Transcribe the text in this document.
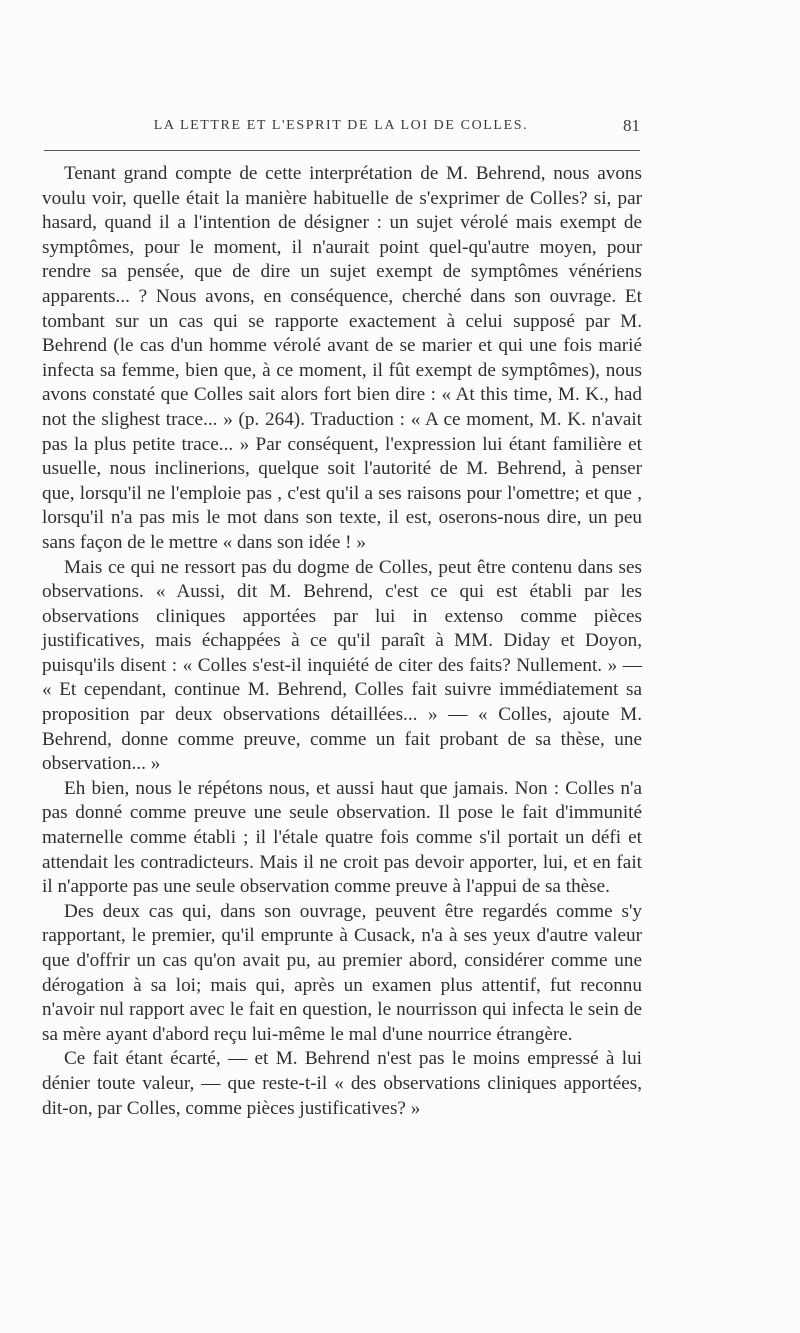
LA LETTRE ET L'ESPRIT DE LA LOI DE COLLES.	81

Tenant grand compte de cette interprétation de M. Behrend, nous avons voulu voir, quelle était la manière habituelle de s'exprimer de Colles? si, par hasard, quand il a l'intention de désigner : un sujet vérolé mais exempt de symptômes, pour le moment, il n'aurait point quel-qu'autre moyen, pour rendre sa pensée, que de dire un sujet exempt de symptômes vénériens apparents... ? Nous avons, en conséquence, cherché dans son ouvrage. Et tombant sur un cas qui se rapporte exactement à celui supposé par M. Behrend (le cas d'un homme vérolé avant de se marier et qui une fois marié infecta sa femme, bien que, à ce moment, il fût exempt de symptômes), nous avons constaté que Colles sait alors fort bien dire : « At this time, M. K., had not the slighest trace... » (p. 264). Traduction : « A ce moment, M. K. n'avait pas la plus petite trace... » Par conséquent, l'expression lui étant familière et usuelle, nous inclinerions, quelque soit l'autorité de M. Behrend, à penser que, lorsqu'il ne l'emploie pas , c'est qu'il a ses raisons pour l'omettre; et que , lorsqu'il n'a pas mis le mot dans son texte, il est, oserons-nous dire, un peu sans façon de le mettre « dans son idée ! »

Mais ce qui ne ressort pas du dogme de Colles, peut être contenu dans ses observations. « Aussi, dit M. Behrend, c'est ce qui est établi par les observations cliniques apportées par lui in extenso comme pièces justificatives, mais échappées à ce qu'il paraît à MM. Diday et Doyon, puisqu'ils disent : « Colles s'est-il inquiété de citer des faits? Nullement. » — « Et cependant, continue M. Behrend, Colles fait suivre immédiatement sa proposition par deux observations détaillées... » — « Colles, ajoute M. Behrend, donne comme preuve, comme un fait probant de sa thèse, une observation... »

Eh bien, nous le répétons nous, et aussi haut que jamais. Non : Colles n'a pas donné comme preuve une seule observation. Il pose le fait d'immunité maternelle comme établi ; il l'étale quatre fois comme s'il portait un défi et attendait les contradicteurs. Mais il ne croit pas devoir apporter, lui, et en fait il n'apporte pas une seule observation comme preuve à l'appui de sa thèse.

Des deux cas qui, dans son ouvrage, peuvent être regardés comme s'y rapportant, le premier, qu'il emprunte à Cusack, n'a à ses yeux d'autre valeur que d'offrir un cas qu'on avait pu, au premier abord, considérer comme une dérogation à sa loi; mais qui, après un examen plus attentif, fut reconnu n'avoir nul rapport avec le fait en question, le nourrisson qui infecta le sein de sa mère ayant d'abord reçu lui-même le mal d'une nourrice étrangère.

Ce fait étant écarté, — et M. Behrend n'est pas le moins empressé à lui dénier toute valeur, — que reste-t-il « des observations cliniques apportées, dit-on, par Colles, comme pièces justificatives? »
